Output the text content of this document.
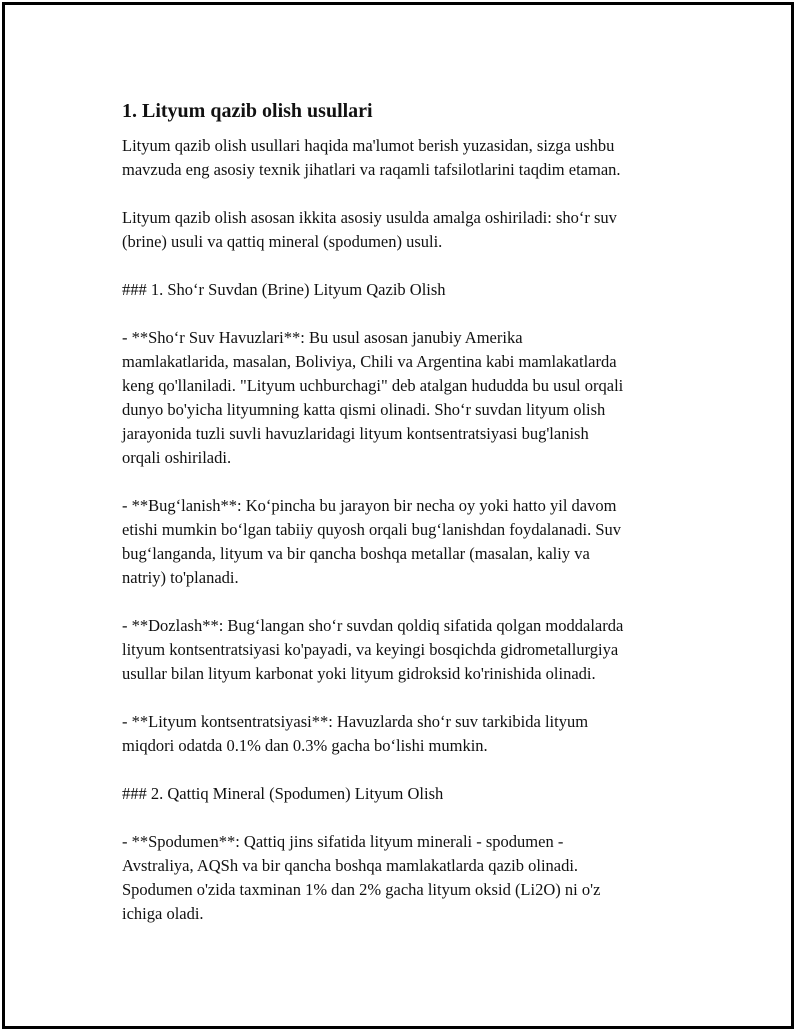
1. Lityum qazib olish usullari
Lityum qazib olish usullari haqida ma'lumot berish yuzasidan, sizga ushbu
mavzuda eng asosiy texnik jihatlari va raqamli tafsilotlarini taqdim etaman.
Lityum qazib olish asosan ikkita asosiy usulda amalga oshiriladi: sho‘r suv
(brine) usuli va qattiq mineral (spodumen) usuli.
### 1. Sho‘r Suvdan (Brine) Lityum Qazib Olish
- **Sho‘r Suv Havuzlari**: Bu usul asosan janubiy Amerika
mamlakatlarida, masalan, Boliviya, Chili va Argentina kabi mamlakatlarda
keng qo'llaniladi. "Lityum uchburchagi" deb atalgan hududda bu usul orqali
dunyo bo'yicha lityumning katta qismi olinadi. Sho‘r suvdan lityum olish
jarayonida tuzli suvli havuzlaridagi lityum kontsentratsiyasi bug'lanish
orqali oshiriladi.
- **Bug‘lanish**: Ko‘pincha bu jarayon bir necha oy yoki hatto yil davom
etishi mumkin bo‘lgan tabiiy quyosh orqali bug‘lanishdan foydalanadi. Suv
bug‘langanda, lityum va bir qancha boshqa metallar (masalan, kaliy va
natriy) to'planadi.
- **Dozlash**: Bug‘langan sho‘r suvdan qoldiq sifatida qolgan moddalarda
lityum kontsentratsiyasi ko'payadi, va keyingi bosqichda gidrometallurgiya
usullar bilan lityum karbonat yoki lityum gidroksid ko'rinishida olinadi.
- **Lityum kontsentratsiyasi**: Havuzlarda sho‘r suv tarkibida lityum
miqdori odatda 0.1% dan 0.3% gacha bo‘lishi mumkin.
### 2. Qattiq Mineral (Spodumen) Lityum Olish
- **Spodumen**: Qattiq jins sifatida lityum minerali - spodumen -
Avstraliya, AQSh va bir qancha boshqa mamlakatlarda qazib olinadi.
Spodumen o'zida taxminan 1% dan 2% gacha lityum oksid (Li2O) ni o'z
ichiga oladi.
